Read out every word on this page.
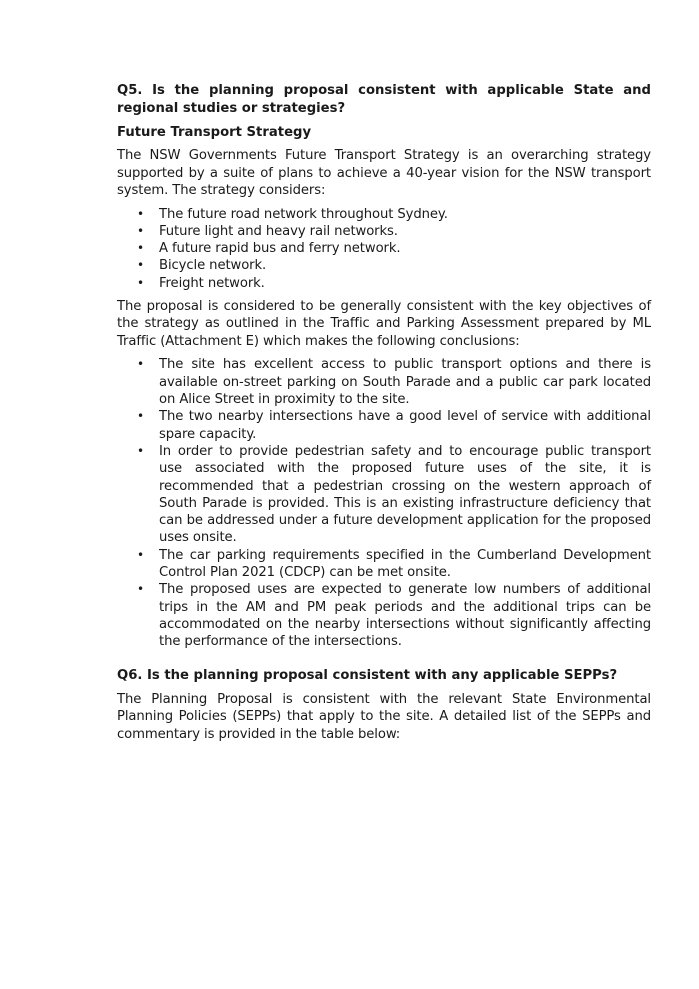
Q5. Is the planning proposal consistent with applicable State and regional studies or strategies?

Future Transport Strategy

The NSW Governments Future Transport Strategy is an overarching strategy supported by a suite of plans to achieve a 40-year vision for the NSW transport system. The strategy considers:

• The future road network throughout Sydney.
• Future light and heavy rail networks.
• A future rapid bus and ferry network.
• Bicycle network.
• Freight network.

The proposal is considered to be generally consistent with the key objectives of the strategy as outlined in the Traffic and Parking Assessment prepared by ML Traffic (Attachment E) which makes the following conclusions:

• The site has excellent access to public transport options and there is available on-street parking on South Parade and a public car park located on Alice Street in proximity to the site.
• The two nearby intersections have a good level of service with additional spare capacity.
• In order to provide pedestrian safety and to encourage public transport use associated with the proposed future uses of the site, it is recommended that a pedestrian crossing on the western approach of South Parade is provided. This is an existing infrastructure deficiency that can be addressed under a future development application for the proposed uses onsite.
• The car parking requirements specified in the Cumberland Development Control Plan 2021 (CDCP) can be met onsite.
• The proposed uses are expected to generate low numbers of additional trips in the AM and PM peak periods and the additional trips can be accommodated on the nearby intersections without significantly affecting the performance of the intersections.

Q6. Is the planning proposal consistent with any applicable SEPPs?

The Planning Proposal is consistent with the relevant State Environmental Planning Policies (SEPPs) that apply to the site. A detailed list of the SEPPs and commentary is provided in the table below:
